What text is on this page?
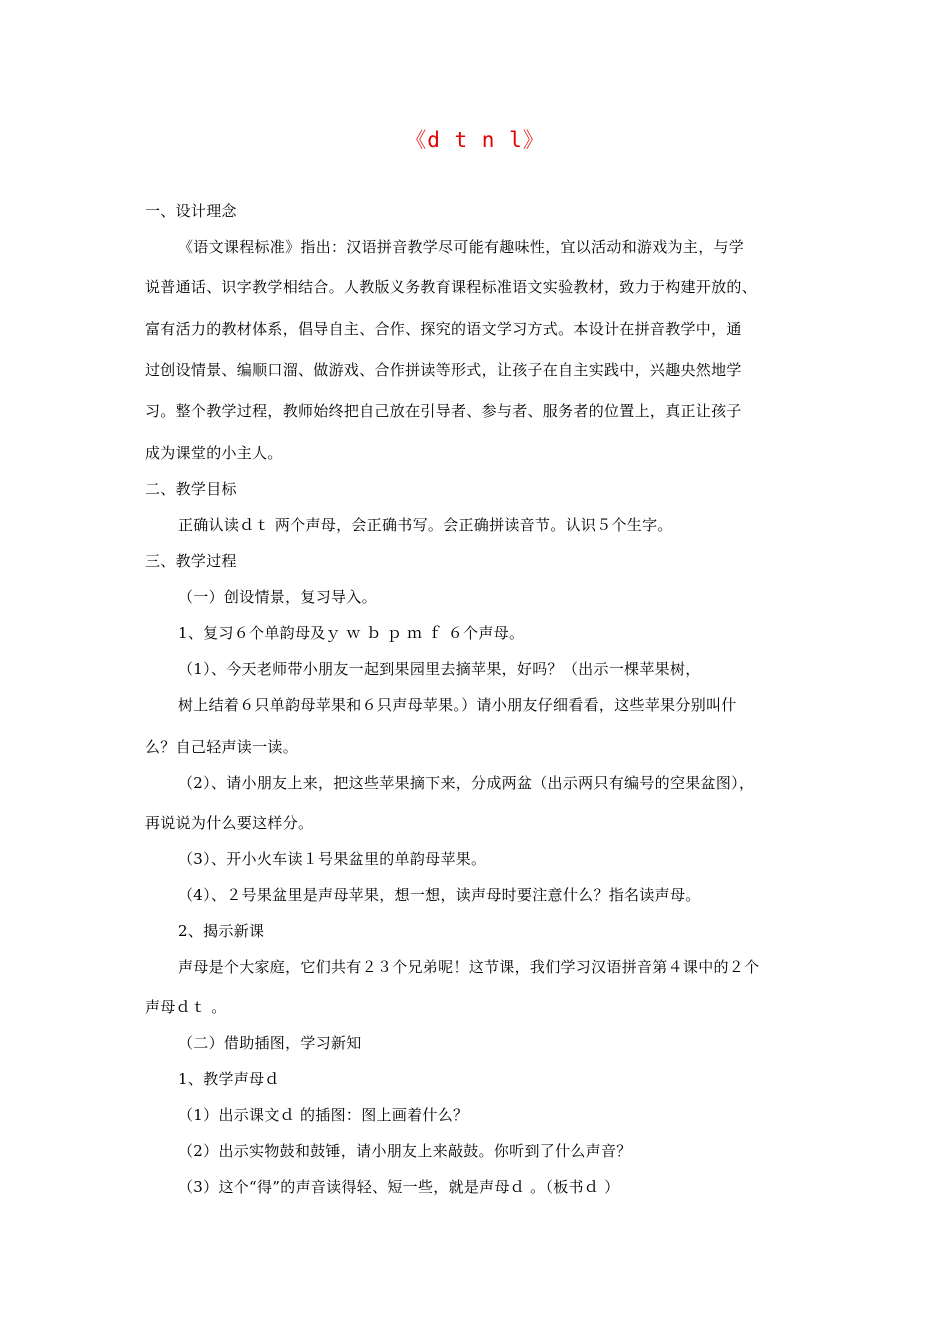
《d t n l》
一、设计理念
《语文课程标准》指出：汉语拼音教学尽可能有趣味性，宜以活动和游戏为主，与学
说普通话、识字教学相结合。人教版义务教育课程标准语文实验教材，致力于构建开放的、
富有活力的教材体系，倡导自主、合作、探究的语文学习方式。本设计在拼音教学中，通
过创设情景、编顺口溜、做游戏、合作拼读等形式，让孩子在自主实践中，兴趣央然地学
习。整个教学过程，教师始终把自己放在引导者、参与者、服务者的位置上，真正让孩子
成为课堂的小主人。
二、教学目标
正确认读ｄｔ 两个声母，会正确书写。会正确拼读音节。认识５个生字。
三、教学过程
（一）创设情景，复习导入。
1、复习６个单韵母及ｙ ｗ ｂ ｐ ｍ ｆ ６个声母。
（1）、今天老师带小朋友一起到果园里去摘苹果，好吗？（出示一棵苹果树，
树上结着６只单韵母苹果和６只声母苹果。）请小朋友仔细看看，这些苹果分别叫什
么？自己轻声读一读。
（2）、请小朋友上来，把这些苹果摘下来，分成两盆（出示两只有编号的空果盆图），
再说说为什么要这样分。
（3）、开小火车读１号果盆里的单韵母苹果。
（4）、２号果盆里是声母苹果，想一想，读声母时要注意什么？指名读声母。
2、揭示新课
声母是个大家庭，它们共有２３个兄弟呢！这节课，我们学习汉语拼音第４课中的２个
声母ｄｔ 。
（二）借助插图，学习新知
1、教学声母ｄ
（1）出示课文ｄ 的插图：图上画着什么？
（2）出示实物鼓和鼓锤，请小朋友上来敲鼓。你听到了什么声音？
（3）这个“得”的声音读得轻、短一些，就是声母ｄ 。（板书ｄ ）
